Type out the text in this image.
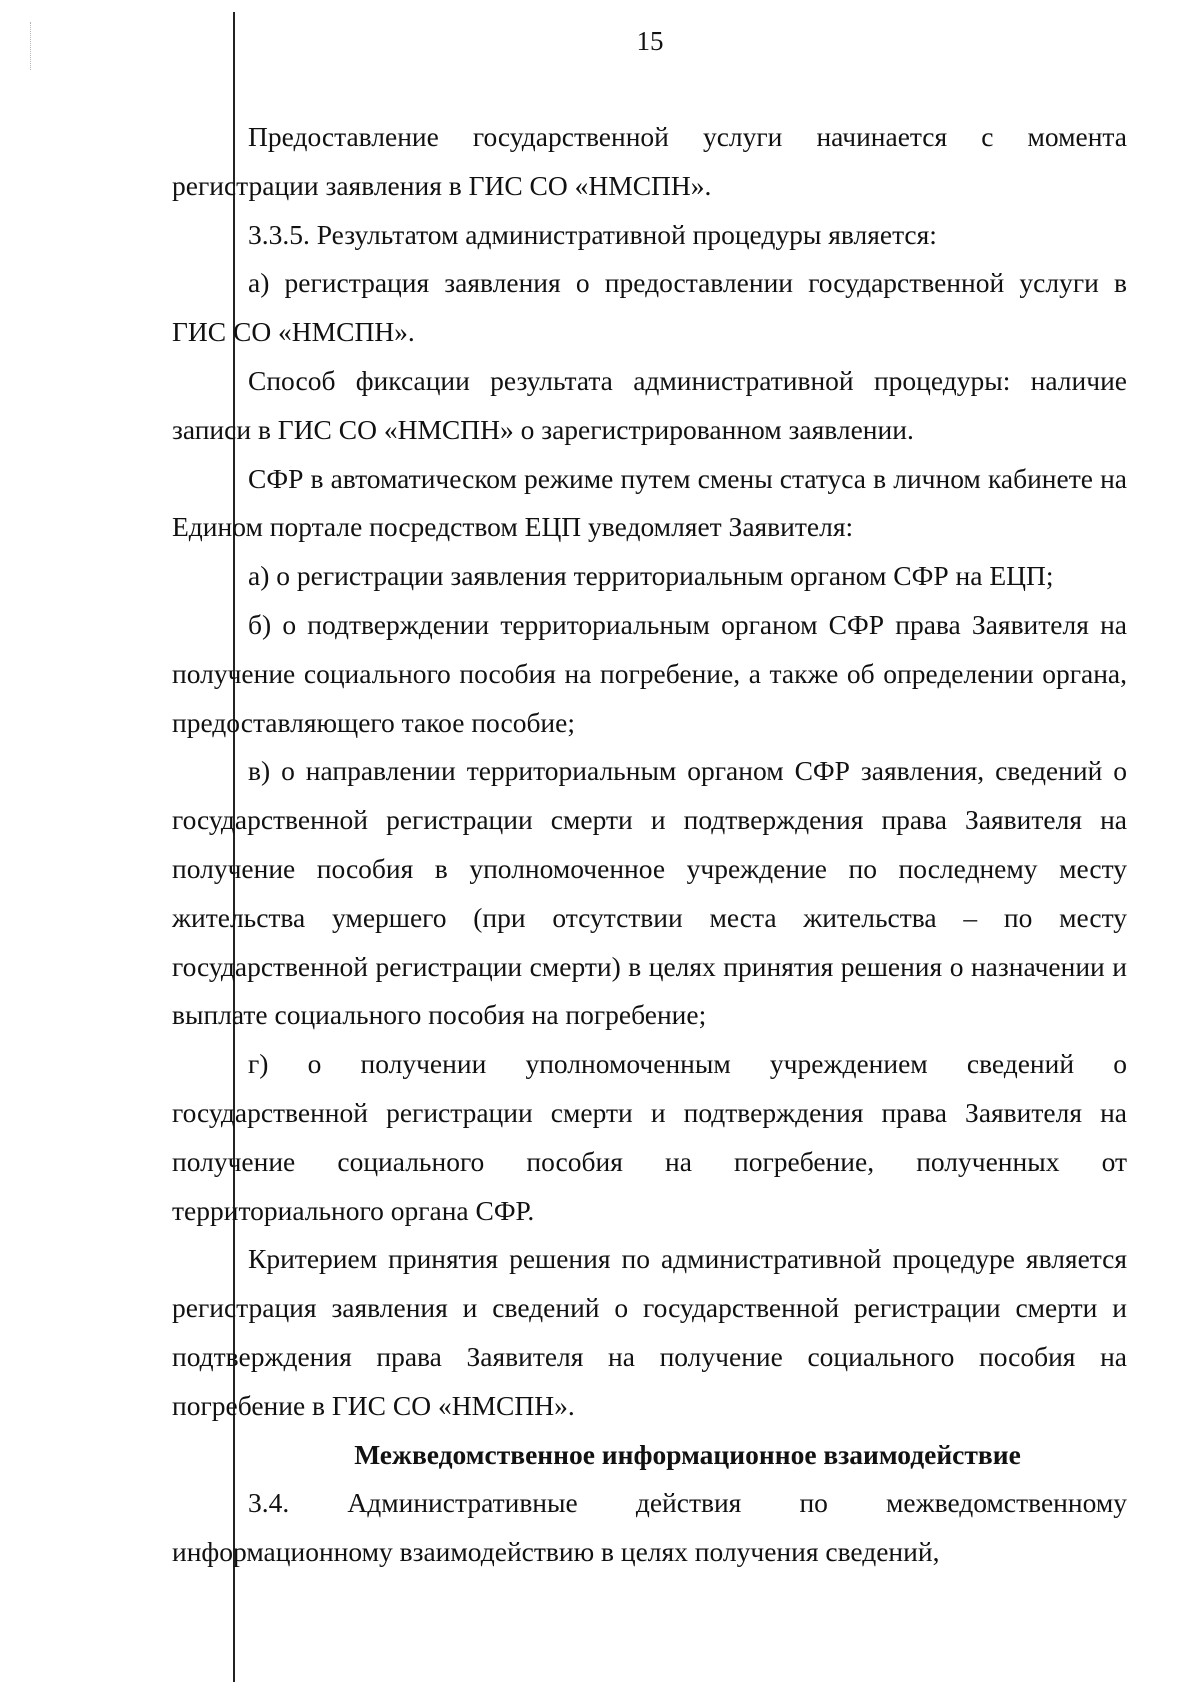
15

Предоставление государственной услуги начинается с момента регистрации заявления в ГИС СО «НМСПН».

3.3.5. Результатом административной процедуры является:

а) регистрация заявления о предоставлении государственной услуги в ГИС СО «НМСПН».

Способ фиксации результата административной процедуры: наличие записи в ГИС СО «НМСПН» о зарегистрированном заявлении.

СФР в автоматическом режиме путем смены статуса в личном кабинете на Едином портале посредством ЕЦП уведомляет Заявителя:

а) о регистрации заявления территориальным органом СФР на ЕЦП;

б) о подтверждении территориальным органом СФР права Заявителя на получение социального пособия на погребение, а также об определении органа, предоставляющего такое пособие;

в) о направлении территориальным органом СФР заявления, сведений о государственной регистрации смерти и подтверждения права Заявителя на получение пособия в уполномоченное учреждение по последнему месту жительства умершего (при отсутствии места жительства – по месту государственной регистрации смерти) в целях принятия решения о назначении и выплате социального пособия на погребение;

г) о получении уполномоченным учреждением сведений о государственной регистрации смерти и подтверждения права Заявителя на получение социального пособия на погребение, полученных от территориального органа СФР.

Критерием принятия решения по административной процедуре является регистрация заявления и сведений о государственной регистрации смерти и подтверждения права Заявителя на получение социального пособия на погребение в ГИС СО «НМСПН».

Межведомственное информационное взаимодействие

3.4. Административные действия по межведомственному информационному взаимодействию в целях получения сведений,
